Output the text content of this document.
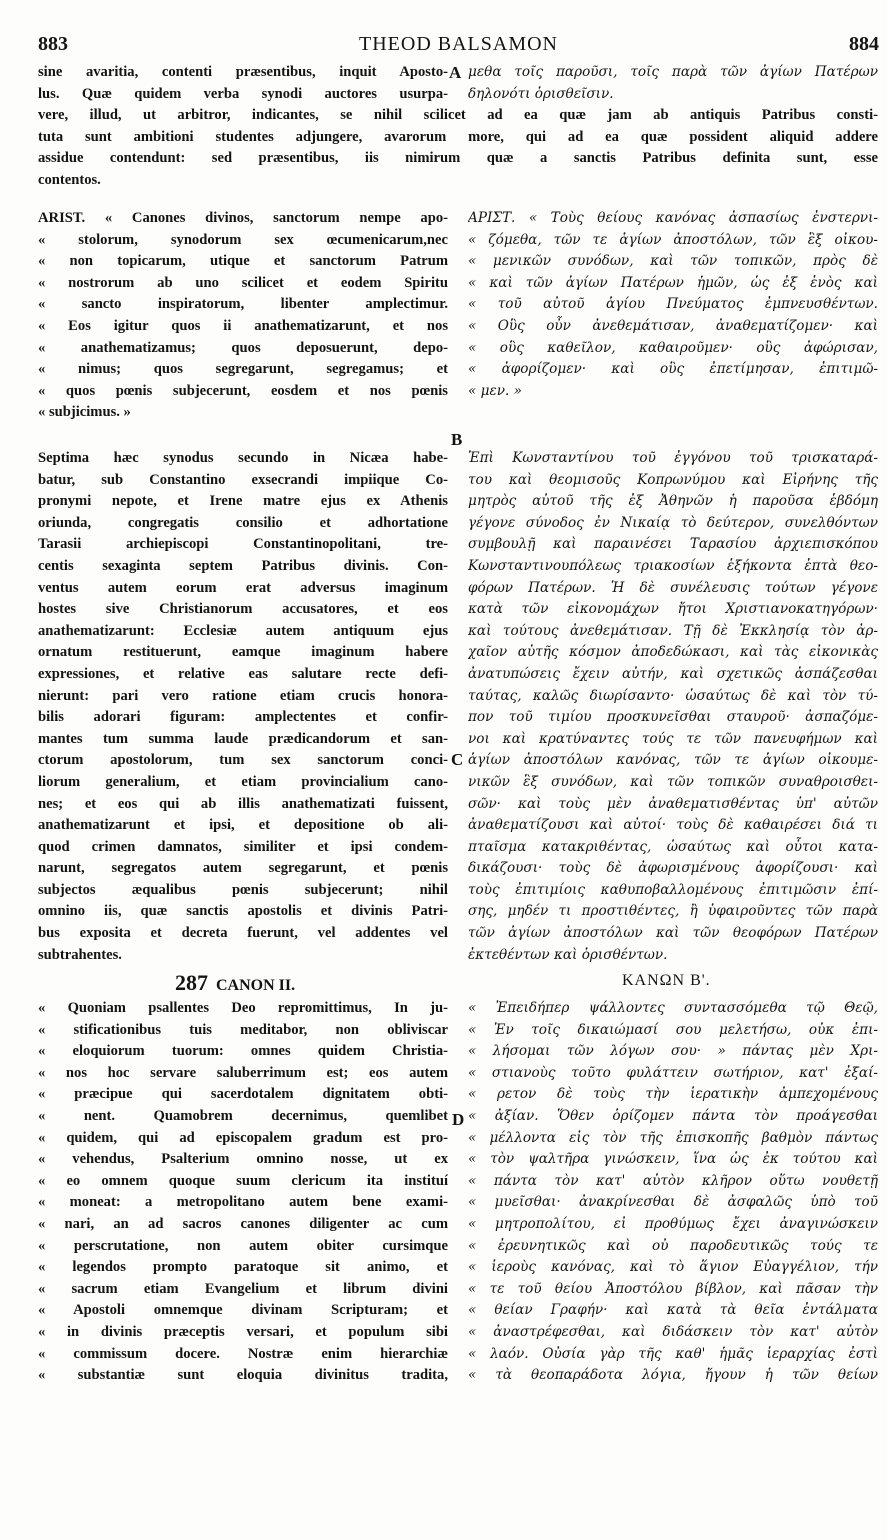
883	THEOD BALSAMON	884
sine avaritia, contenti præsentibus, inquit Aposto-
lus. Quæ quidem verba synodi auctores usurpa-
μεθα τοῖς παροῦσι, τοῖς παρὰ τῶν ἁγίων Πατέρων
δηλονότι ὁρισθεῖσιν.
vere, illud, ut arbitror, indicantes, se nihil scilicet ad ea quæ jam ab antiquis Patribus consti-
tuta sunt ambitioni studentes adjungere, avarorum more, qui ad ea quæ possident aliquid addere
assidue contendunt: sed præsentibus, iis nimirum quæ a sanctis Patribus definita sunt, esse
contentos.
ARIST. « Canones divinos, sanctorum nempe apo-
« stolorum, synodorum sex œcumenicarum,nec
« non topicarum, utique et sanctorum Patrum
« nostrorum ab uno scilicet et eodem Spiritu
« sancto inspiratorum, libenter amplectimur.
« Eos igitur quos ii anathematizarunt, et nos
« anathematizamus; quos deposuerunt, depo-
« nimus; quos segregarunt, segregamus; et
« quos pœnis subjecerunt, eosdem et nos pœnis
« subjicimus. »
ΑΡΙΣΤ. « Τοὺς θείους κανόνας ἀσπασίως ἐνστερνι-
« ζόμεθα, τῶν τε ἁγίων ἀποστόλων, τῶν ἓξ οἰκου-
« μενικῶν συνόδων, καὶ τῶν τοπικῶν, πρὸς δὲ
« καὶ τῶν ἁγίων Πατέρων ἡμῶν, ὡς ἐξ ἑνὸς καὶ
« τοῦ αὐτοῦ ἁγίου Πνεύματος ἐμπνευσθέντων.
« Οὓς οὖν ἀνεθεμάτισαν, ἀναθεματίζομεν· καὶ
« οὓς καθεῖλον, καθαιροῦμεν· οὓς ἀφώρισαν,
« ἀφορίζομεν· καὶ οὓς ἐπετίμησαν, ἐπιτιμῶ-
« μεν. »
Septima hæc synodus secundo in Nicæa habe-
batur, sub Constantino exsecrandi impiique Co-
pronymi nepote, et Irene matre ejus ex Athenis
oriunda, congregatis consilio et adhortatione
Tarasii archiepiscopi Constantinopolitani, tre-
centis sexaginta septem Patribus divinis. Con-
ventus autem eorum erat adversus imaginum
hostes sive Christianorum accusatores, et eos
anathematizarunt: Ecclesiæ autem antiquum ejus
ornatum restituerunt, eamque imaginum habere
expressiones, et relative eas salutare recte defi-
nierunt: pari vero ratione etiam crucis honora-
bilis adorari figuram: amplectentes et confir-
mantes tum summa laude prædicandorum et san-
ctorum apostolorum, tum sex sanctorum conci-
liorum generalium, et etiam provincialium cano-
nes; et eos qui ab illis anathematizati fuissent,
anathematizarunt et ipsi, et depositione ob ali-
quod crimen damnatos, similiter et ipsi condem-
narunt, segregatos autem segregarunt, et pœnis
subjectos æqualibus pœnis subjecerunt; nihil
omnino iis, quæ sanctis apostolis et divinis Patri-
bus exposita et decreta fuerunt, vel addentes vel
subtrahentes.
Ἐπὶ Κωνσταντίνου τοῦ ἐγγόνου τοῦ τρισκαταρά-
του καὶ θεομισοῦς Κοπρωνύμου καὶ Εἰρήνης τῆς
μητρὸς αὐτοῦ τῆς ἐξ Ἀθηνῶν ἡ παροῦσα ἑβδόμη
γέγονε σύνοδος ἐν Νικαίᾳ τὸ δεύτερον, συνελθόντων
συμβουλῇ καὶ παραινέσει Ταρασίου ἀρχιεπισκόπου
Κωνσταντινουπόλεως τριακοσίων ἑξήκοντα ἑπτὰ θεο-
φόρων Πατέρων. Ἡ δὲ συνέλευσις τούτων γέγονε
κατὰ τῶν εἰκονομάχων ἤτοι Χριστιανοκατηγόρων·
καὶ τούτους ἀνεθεμάτισαν. Τῇ δὲ Ἐκκλησίᾳ τὸν ἀρ-
χαῖον αὐτῆς κόσμον ἀποδεδώκασι, καὶ τὰς εἰκονικὰς
ἀνατυπώσεις ἔχειν αὐτήν, καὶ σχετικῶς ἀσπάζεσθαι
ταύτας, καλῶς διωρίσαντο· ὡσαύτως δὲ καὶ τὸν τύ-
πον τοῦ τιμίου προσκυνεῖσθαι σταυροῦ· ἀσπαζόμε-
νοι καὶ κρατύναντες τούς τε τῶν πανευφήμων καὶ
ἁγίων ἀποστόλων κανόνας, τῶν τε ἁγίων οἰκουμε-
νικῶν ἓξ συνόδων, καὶ τῶν τοπικῶν συναθροισθει-
σῶν· καὶ τοὺς μὲν ἀναθεματισθέντας ὑπ' αὐτῶν
ἀναθεματίζουσι καὶ αὐτοί· τοὺς δὲ καθαιρέσει διά τι
πταῖσμα κατακριθέντας, ὡσαύτως καὶ οὗτοι κατα-
δικάζουσι· τοὺς δὲ ἀφωρισμένους ἀφορίζουσι· καὶ
τοὺς ἐπιτιμίοις καθυποβαλλομένους ἐπιτιμῶσιν ἐπί-
σης, μηδέν τι προστιθέντες, ἢ ὑφαιροῦντες τῶν παρὰ
τῶν ἁγίων ἀποστόλων καὶ τῶν θεοφόρων Πατέρων
ἐκτεθέντων καὶ ὁρισθέντων.
287 CANON II.	ΚΑΝΩΝ Β'.
« Quoniam psallentes Deo repromittimus, In ju-
« stificationibus tuis meditabor, non obliviscar
« eloquiorum tuorum: omnes quidem Christia-
« nos hoc servare saluberrimum est; eos autem
« præcipue qui sacerdotalem dignitatem obti-
« nent. Quamobrem decernimus, quemlibet
« quidem, qui ad episcopalem gradum est pro-
« vehendus, Psalterium omnino nosse, ut ex
« eo omnem quoque suum clericum ita instituí
« moneat: a metropolitano autem bene exami-
« nari, an ad sacros canones diligenter ac cum
« perscrutatione, non autem obiter cursimque
« legendos prompto paratoque sit animo, et
« sacrum etiam Evangelium et librum divini
« Apostoli omnemque divinam Scripturam; et
« in divinis præceptis versari, et populum sibi
« commissum docere. Nostræ enim hierarchiæ
« substantiæ sunt eloquia divinitus tradita,
« Ἐπειδήπερ ψάλλοντες συντασσόμεθα τῷ Θεῷ,
« Ἐν τοῖς δικαιώμασί σου μελετήσω, οὐκ ἐπι-
« λήσομαι τῶν λόγων σου· » πάντας μὲν Χρι-
« στιανοὺς τοῦτο φυλάττειν σωτήριον, κατ' ἐξαί-
« ρετον δὲ τοὺς τὴν ἱερατικὴν ἀμπεχομένους
« ἀξίαν. Ὅθεν ὁρίζομεν πάντα τὸν προάγεσθαι
« μέλλοντα εἰς τὸν τῆς ἐπισκοπῆς βαθμὸν πάντως
« τὸν ψαλτῆρα γινώσκειν, ἵνα ὡς ἐκ τούτου καὶ
« πάντα τὸν κατ' αὐτὸν κλῆρον οὕτω νουθετῇ
« μυεῖσθαι· ἀνακρίνεσθαι δὲ ἀσφαλῶς ὑπὸ τοῦ
« μητροπολίτου, εἰ προθύμως ἔχει ἀναγινώσκειν
« ἐρευνητικῶς καὶ οὐ παροδευτικῶς τούς τε
« ἱεροὺς κανόνας, καὶ τὸ ἅγιον Εὐαγγέλιον, τήν
« τε τοῦ θείου Ἀποστόλου βίβλον, καὶ πᾶσαν τὴν
« θείαν Γραφήν· καὶ κατὰ τὰ θεῖα ἐντάλματα
« ἀναστρέφεσθαι, καὶ διδάσκειν τὸν κατ' αὐτὸν
« λαόν. Οὐσία γὰρ τῆς καθ' ἡμᾶς ἱεραρχίας ἐστὶ
« τὰ θεοπαράδοτα λόγια, ἤγουν ἡ τῶν θείων
A
B
C
D
